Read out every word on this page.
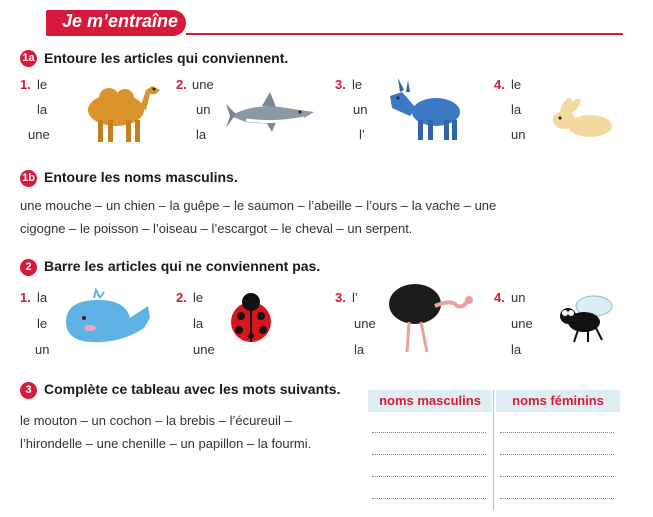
Je m’entraîne
1a Entoure les articles qui conviennent.
1. le
la
une
2. une
un
la
3. le
un
l’
4. le
la
un
1b Entoure les noms masculins.
une mouche – un chien – la guêpe – le saumon – l’abeille – l’ours – la vache – une
cigogne – le poisson – l’oiseau – l’escargot – le cheval – un serpent.
2 Barre les articles qui ne conviennent pas.
1. la
le
un
2. le
la
une
3. l’
une
la
4. un
une
la
3 Complète ce tableau avec les mots suivants.
le mouton – un cochon – la brebis – l’écureuil –
l’hirondelle – une chenille – un papillon – la fourmi.
noms masculins	noms féminins
